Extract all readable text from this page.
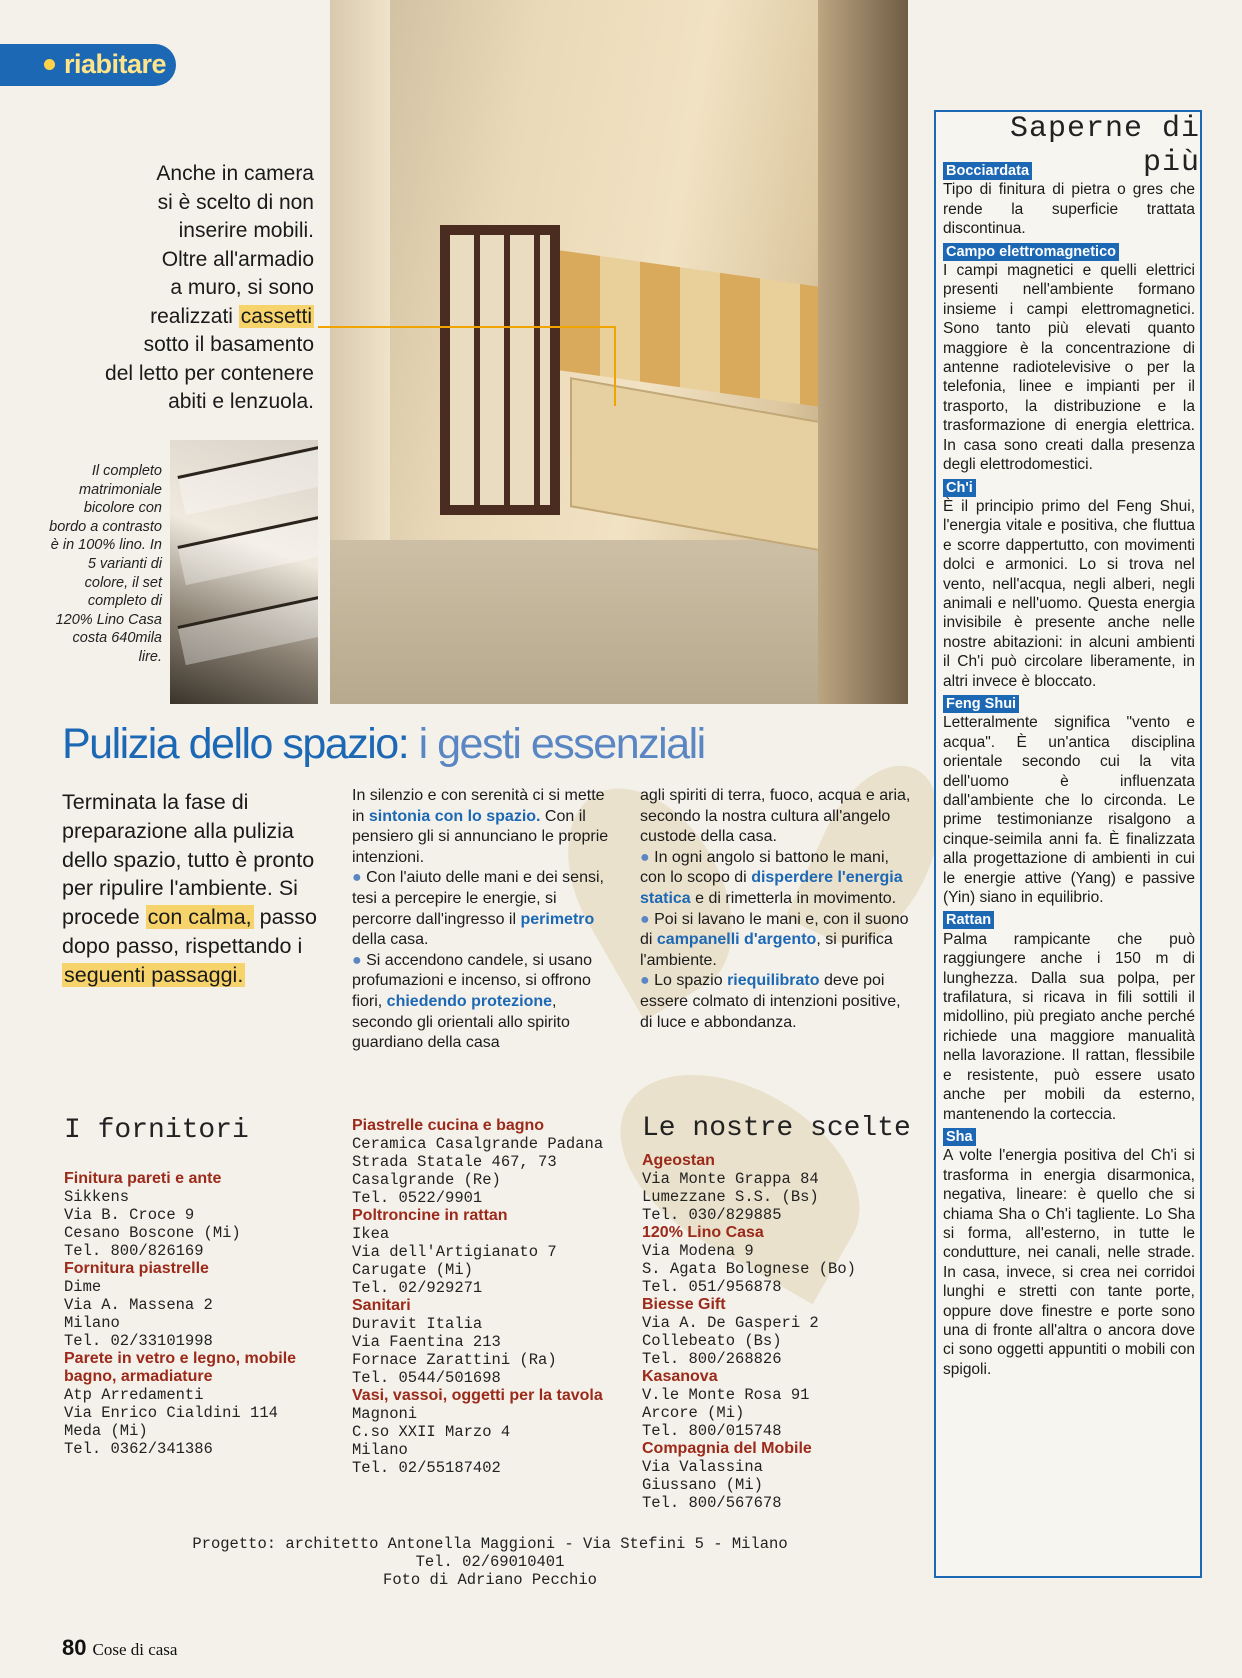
riabitare
Anche in camera
si è scelto di non
inserire mobili.
Oltre all'armadio
a muro, si sono
realizzati cassetti
sotto il basamento
del letto per contenere
abiti e lenzuola.
Il completo matrimoniale bicolore con bordo a contrasto è in 100% lino. In 5 varianti di colore, il set completo di 120% Lino Casa costa 640mila lire.
Saperne di più
Bocciardata
Tipo di finitura di pietra o gres che rende la superficie trattata discontinua.
Campo elettromagnetico
I campi magnetici e quelli elettrici presenti nell'ambiente formano insieme i campi elettromagnetici. Sono tanto più elevati quanto maggiore è la concentrazione di antenne radiotelevisive o per la telefonia, linee e impianti per il trasporto, la distribuzione e la trasformazione di energia elettrica. In casa sono creati dalla presenza degli elettrodomestici.
Ch'i
È il principio primo del Feng Shui, l'energia vitale e positiva, che fluttua e scorre dappertutto, con movimenti dolci e armonici. Lo si trova nel vento, nell'acqua, negli alberi, negli animali e nell'uomo. Questa energia invisibile è presente anche nelle nostre abitazioni: in alcuni ambienti il Ch'i può circolare liberamente, in altri invece è bloccato.
Feng Shui
Letteralmente significa "vento e acqua". È un'antica disciplina orientale secondo cui la vita dell'uomo è influenzata dall'ambiente che lo circonda. Le prime testimonianze risalgono a cinque-seimila anni fa. È finalizzata alla progettazione di ambienti in cui le energie attive (Yang) e passive (Yin) siano in equilibrio.
Rattan
Palma rampicante che può raggiungere anche i 150 m di lunghezza. Dalla sua polpa, per trafilatura, si ricava in fili sottili il midollino, più pregiato anche perché richiede una maggiore manualità nella lavorazione. Il rattan, flessibile e resistente, può essere usato anche per mobili da esterno, mantenendo la corteccia.
Sha
A volte l'energia positiva del Ch'i si trasforma in energia disarmonica, negativa, lineare: è quello che si chiama Sha o Ch'i tagliente. Lo Sha si forma, all'esterno, in tutte le condutture, nei canali, nelle strade. In casa, invece, si crea nei corridoi lunghi e stretti con tante porte, oppure dove finestre e porte sono una di fronte all'altra o ancora dove ci sono oggetti appuntiti o mobili con spigoli.
Pulizia dello spazio: i gesti essenziali
Terminata la fase di preparazione alla pulizia dello spazio, tutto è pronto per ripulire l'ambiente. Si procede con calma, passo dopo passo, rispettando i seguenti passaggi.
In silenzio e con serenità ci si mette in sintonia con lo spazio. Con il pensiero gli si annunciano le proprie intenzioni.
● Con l'aiuto delle mani e dei sensi, tesi a percepire le energie, si percorre dall'ingresso il perimetro della casa.
● Si accendono candele, si usano profumazioni e incenso, si offrono fiori, chiedendo protezione, secondo gli orientali allo spirito guardiano della casa
agli spiriti di terra, fuoco, acqua e aria, secondo la nostra cultura all'angelo custode della casa.
● In ogni angolo si battono le mani, con lo scopo di disperdere l'energia statica e di rimetterla in movimento.
● Poi si lavano le mani e, con il suono di campanelli d'argento, si purifica l'ambiente.
● Lo spazio riequilibrato deve poi essere colmato di intenzioni positive, di luce e abbondanza.
I fornitori
Finitura pareti e ante
Sikkens
Via B. Croce 9
Cesano Boscone (Mi)
Tel. 800/826169
Fornitura piastrelle
Dime
Via A. Massena 2
Milano
Tel. 02/33101998
Parete in vetro e legno, mobile bagno, armadiature
Atp Arredamenti
Via Enrico Cialdini 114
Meda (Mi)
Tel. 0362/341386
Piastrelle cucina e bagno
Ceramica Casalgrande Padana
Strada Statale 467, 73
Casalgrande (Re)
Tel. 0522/9901
Poltroncine in rattan
Ikea
Via dell'Artigianato 7
Carugate (Mi)
Tel. 02/929271
Sanitari
Duravit Italia
Via Faentina 213
Fornace Zarattini (Ra)
Tel. 0544/501698
Vasi, vassoi, oggetti per la tavola
Magnoni
C.so XXII Marzo 4
Milano
Tel. 02/55187402
Le nostre scelte
Ageostan
Via Monte Grappa 84
Lumezzane S.S. (Bs)
Tel. 030/829885
120% Lino Casa
Via Modena 9
S. Agata Bolognese (Bo)
Tel. 051/956878
Biesse Gift
Via A. De Gasperi 2
Collebeato (Bs)
Tel. 800/268826
Kasanova
V.le Monte Rosa 91
Arcore (Mi)
Tel. 800/015748
Compagnia del Mobile
Via Valassina
Giussano (Mi)
Tel. 800/567678
Progetto: architetto Antonella Maggioni - Via Stefini 5 - Milano
Tel. 02/69010401
Foto di Adriano Pecchio
80 Cose di casa
